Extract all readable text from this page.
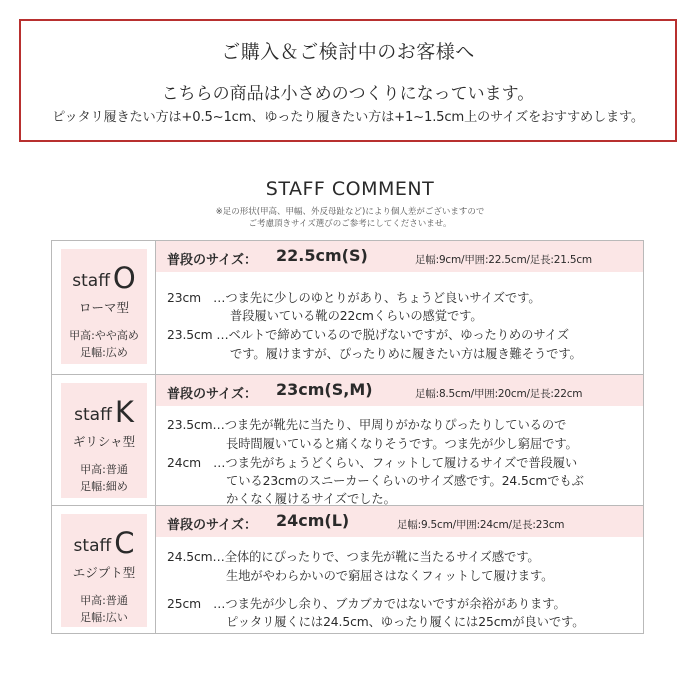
ご購入＆ご検討中のお客様へ
こちらの商品は小さめのつくりになっています。
ピッタリ履きたい方は+0.5~1cm、ゆったり履きたい方は+1~1.5cm上のサイズをおすすめします。
STAFF COMMENT
※足の形状(甲高、甲幅、外反母趾など)により個人差がございますので
ご考慮頂きサイズ選びのご参考にしてくださいませ。
staff O
ローマ型
甲高:やや高め
足幅:広め
普段のサイズ： 22.5cm(S)	足幅:9cm/甲囲:22.5cm/足長:21.5cm
23cm　…つま先に少しのゆとりがあり、ちょうど良いサイズです。
普段履いている靴の22cmくらいの感覚です。
23.5cm …ベルトで締めているので脱げないですが、ゆったりめのサイズ
です。履けますが、ぴったりめに履きたい方は履き難そうです。
staff K
ギリシャ型
甲高:普通
足幅:細め
普段のサイズ： 23cm(S,M)	足幅:8.5cm/甲囲:20cm/足長:22cm
23.5cm…つま先が靴先に当たり、甲周りがかなりぴったりしているので
長時間履いていると痛くなりそうです。つま先が少し窮屈です。
24cm　…つま先がちょうどくらい、フィットして履けるサイズで普段履い
ている23cmのスニーカーくらいのサイズ感です。24.5cmでもぶ
かくなく履けるサイズでした。
staff C
エジプト型
甲高:普通
足幅:広い
普段のサイズ： 24cm(L)	足幅:9.5cm/甲囲:24cm/足長:23cm
24.5cm…全体的にぴったりで、つま先が靴に当たるサイズ感です。
生地がやわらかいので窮屈さはなくフィットして履けます。
25cm　…つま先が少し余り、ブカブカではないですが余裕があります。
ピッタリ履くには24.5cm、ゆったり履くには25cmが良いです。
